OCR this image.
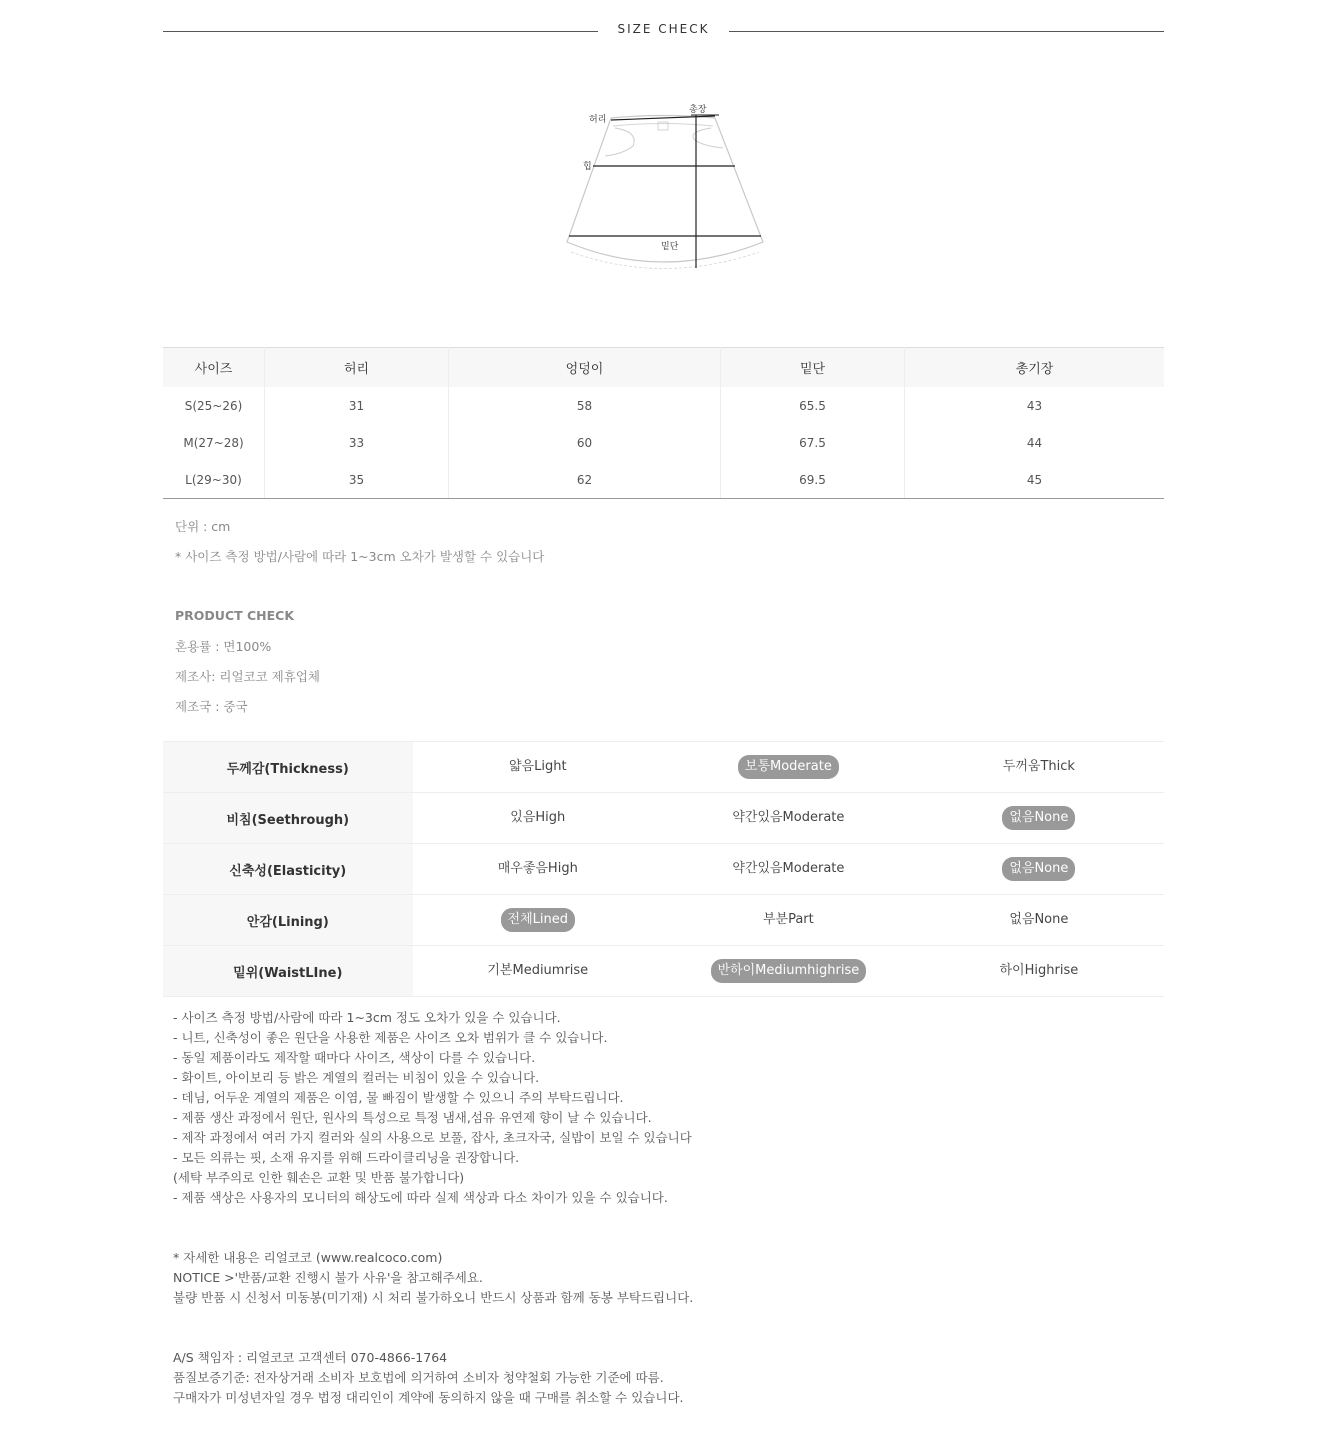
SIZE CHECK
허리
총장
힙
밑단
사이즈	허리	엉덩이	밑단	총기장
S(25~26)	31	58	65.5	43
M(27~28)	33	60	67.5	44
L(29~30)	35	62	69.5	45
단위 : cm
* 사이즈 측정 방법/사람에 따라 1~3cm 오차가 발생할 수 있습니다
PRODUCT CHECK
혼용률 : 면100%
제조사: 리얼코코 제휴업체
제조국 : 중국
두께감(Thickness)	얇음Light	보통Moderate	두꺼움Thick
비침(Seethrough)	있음High	약간있음Moderate	없음None
신축성(Elasticity)	매우좋음High	약간있음Moderate	없음None
안감(Lining)	전체Lined	부분Part	없음None
밑위(WaistLIne)	기본Mediumrise	반하이Mediumhighrise	하이Highrise
- 사이즈 측정 방법/사람에 따라 1~3cm 정도 오차가 있을 수 있습니다.
- 니트, 신축성이 좋은 원단을 사용한 제품은 사이즈 오차 범위가 클 수 있습니다.
- 동일 제품이라도 제작할 때마다 사이즈, 색상이 다를 수 있습니다.
- 화이트, 아이보리 등 밝은 계열의 컬러는 비침이 있을 수 있습니다.
- 데님, 어두운 계열의 제품은 이염, 물 빠짐이 발생할 수 있으니 주의 부탁드립니다.
- 제품 생산 과정에서 원단, 원사의 특성으로 특정 냄새,섬유 유연제 향이 날 수 있습니다.
- 제작 과정에서 여러 가지 컬러와 실의 사용으로 보풀, 잡사, 초크자국, 실밥이 보일 수 있습니다
- 모든 의류는 핏, 소재 유지를 위해 드라이클리닝을 권장합니다.
(세탁 부주의로 인한 훼손은 교환 및 반품 불가합니다)
- 제품 색상은 사용자의 모니터의 해상도에 따라 실제 색상과 다소 차이가 있을 수 있습니다.
* 자세한 내용은 리얼코코 (www.realcoco.com)
NOTICE >'반품/교환 진행시 불가 사유'을 참고해주세요.
불량 반품 시 신청서 미동봉(미기재) 시 처리 불가하오니 반드시 상품과 함께 동봉 부탁드립니다.
A/S 책임자 : 리얼코코 고객센터 070-4866-1764
품질보증기준: 전자상거래 소비자 보호법에 의거하여 소비자 청약철회 가능한 기준에 따름.
구매자가 미성년자일 경우 법정 대리인이 계약에 동의하지 않을 때 구매를 취소할 수 있습니다.
